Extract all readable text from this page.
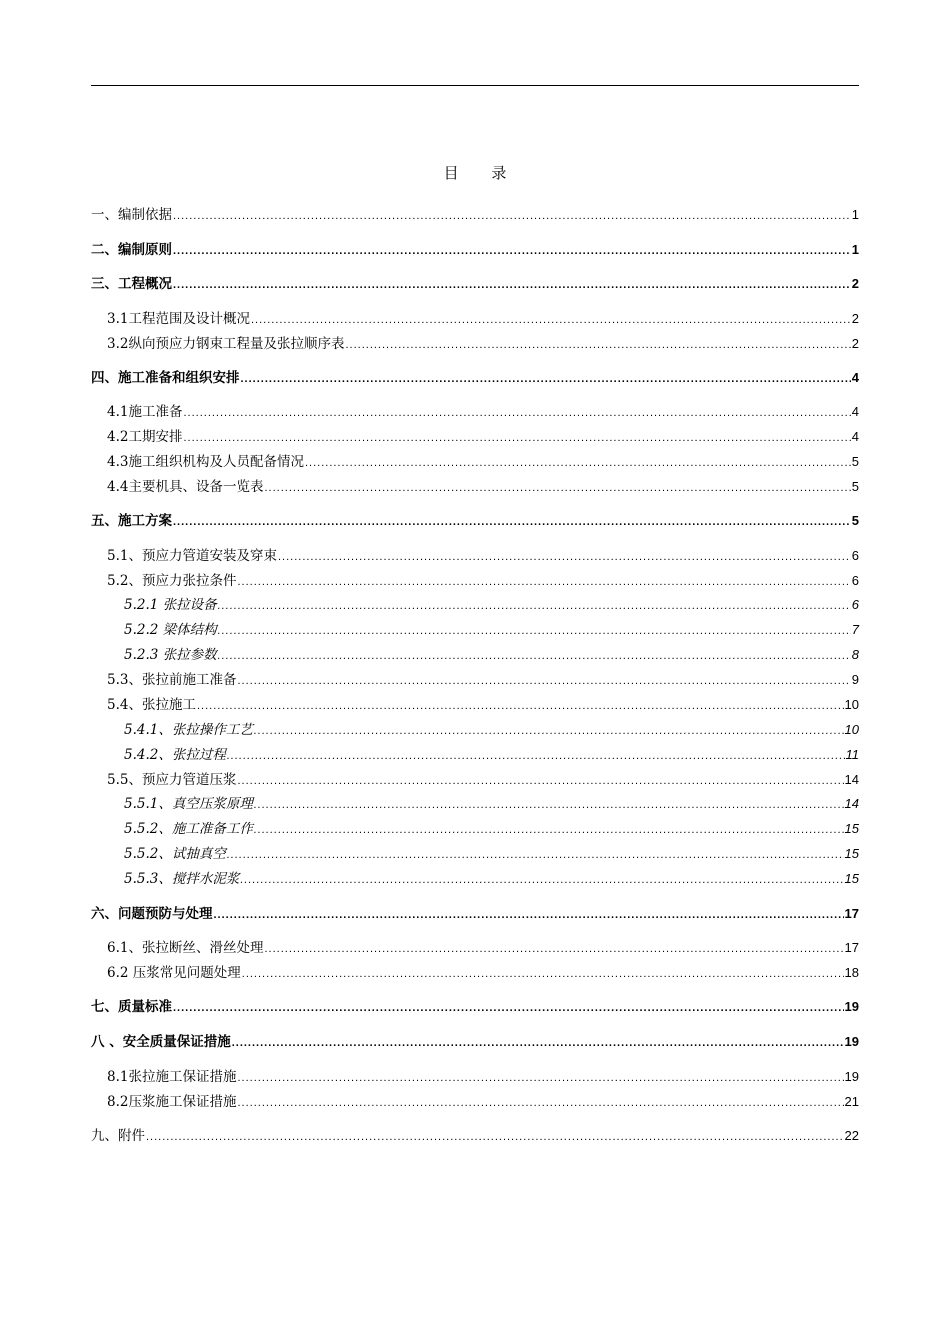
目 录
一、编制依据 .....	1
二、编制原则 .....	1
三、工程概况 .....	2
3.1工程范围及设计概况 .....	2
3.2纵向预应力钢束工程量及张拉顺序表 .....	2
四、施工准备和组织安排 .....	4
4.1施工准备 .....	4
4.2工期安排 .....	4
4.3施工组织机构及人员配备情况 .....	5
4.4主要机具、设备一览表 .....	5
五、施工方案 .....	5
5.1、预应力管道安装及穿束 .....	6
5.2、预应力张拉条件 .....	6
5.2.1 张拉设备 .....	6
5.2.2 梁体结构 .....	7
5.2.3 张拉参数 .....	8
5.3、张拉前施工准备 .....	9
5.4、张拉施工 .....	10
5.4.1、张拉操作工艺 .....	10
5.4.2、张拉过程 .....	11
5.5、预应力管道压浆 .....	14
5.5.1、真空压浆原理 .....	14
5.5.2、施工准备工作 .....	15
5.5.2、试抽真空 .....	15
5.5.3、搅拌水泥浆 .....	15
六、问题预防与处理 .....	17
6.1、张拉断丝、滑丝处理 .....	17
6.2 压浆常见问题处理 .....	18
七、质量标准 .....	19
八 、安全质量保证措施 .....	19
8.1张拉施工保证措施 .....	19
8.2压浆施工保证措施 .....	21
九、附件 .....	22
